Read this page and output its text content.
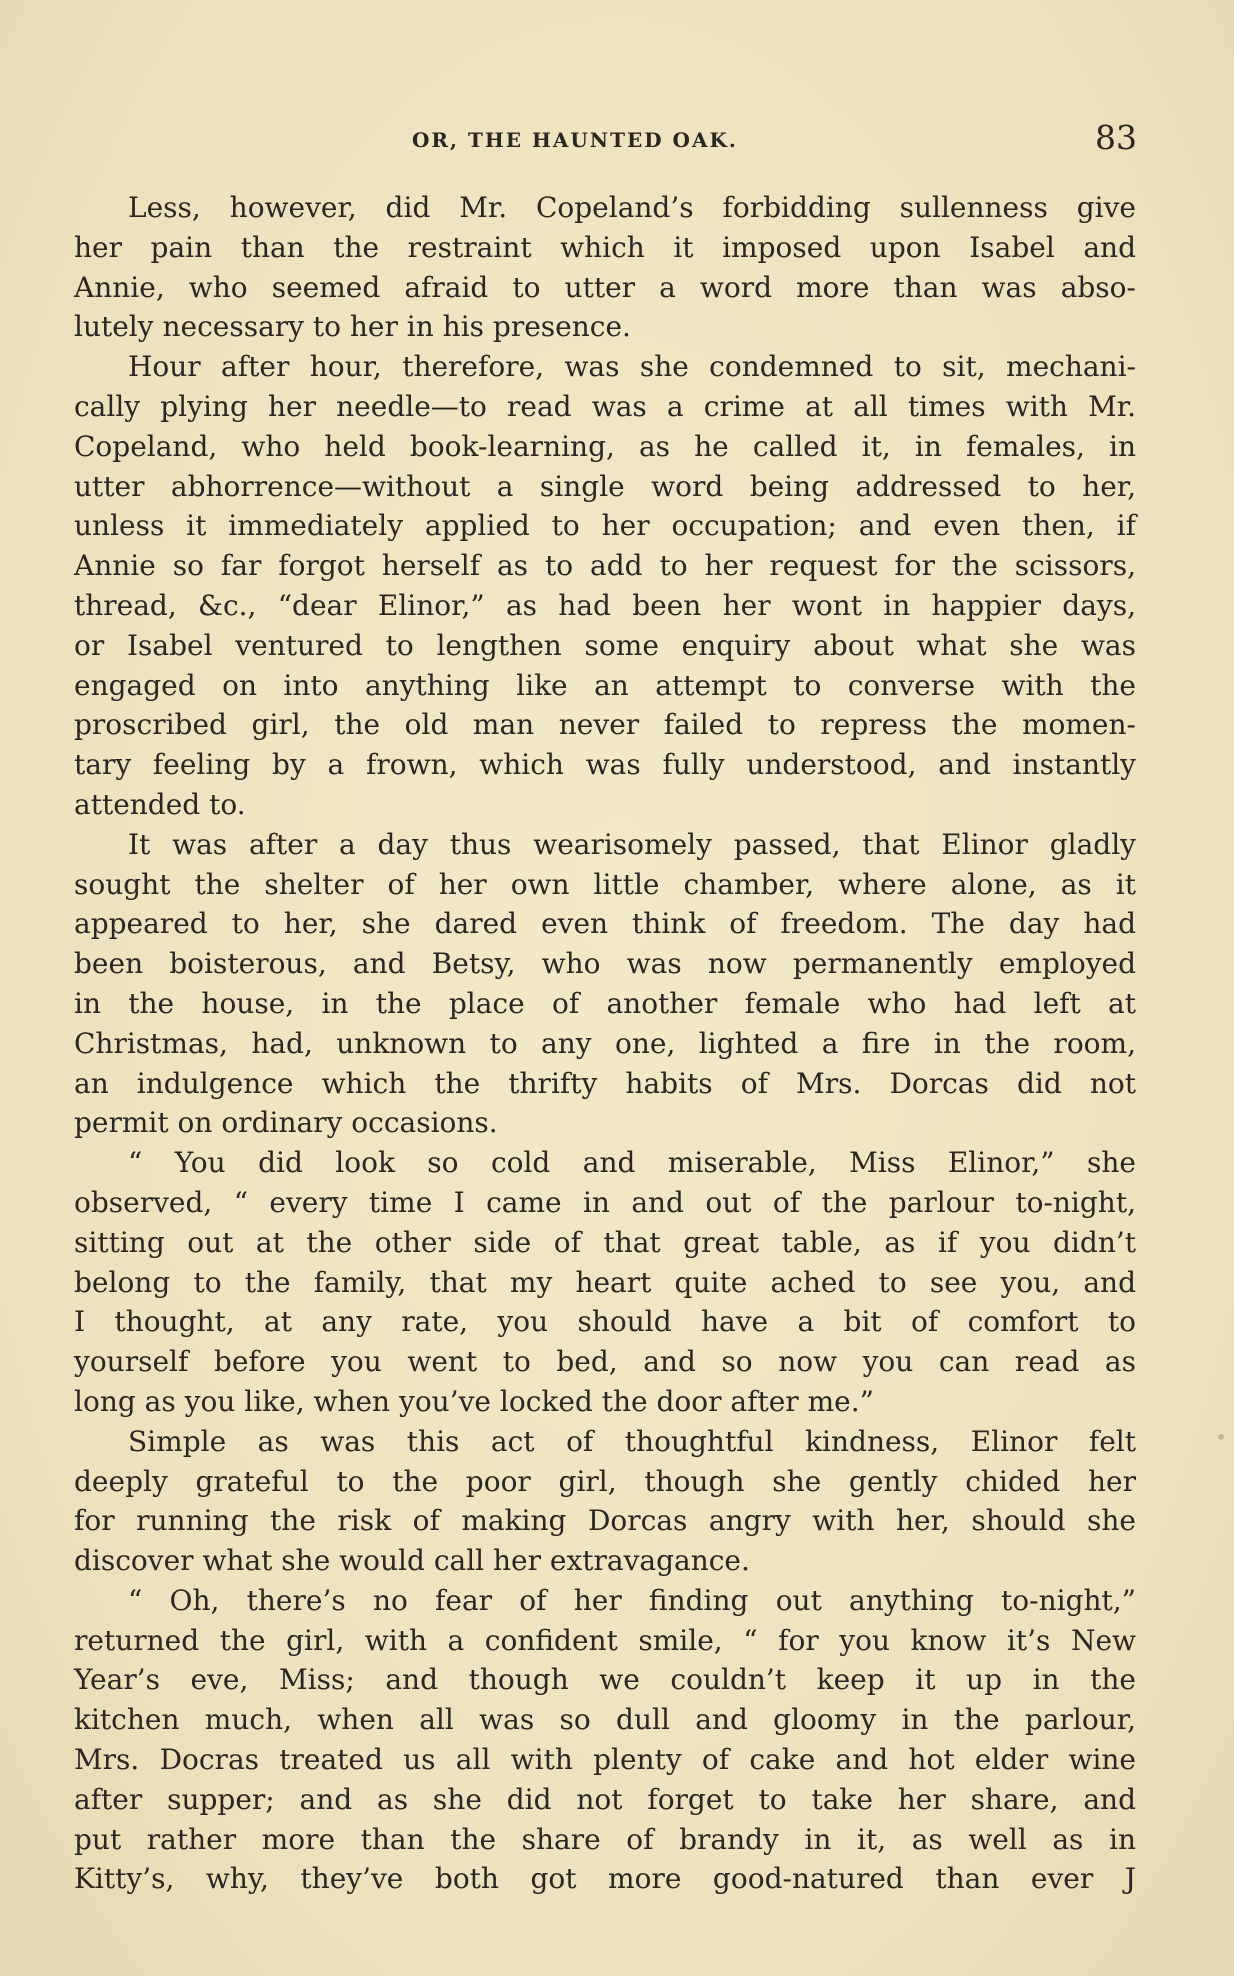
OR, THE HAUNTED OAK.	83
Less, however, did Mr. Copeland’s forbidding sullenness give
her pain than the restraint which it imposed upon Isabel and
Annie, who seemed afraid to utter a word more than was abso-
lutely necessary to her in his presence.
Hour after hour, therefore, was she condemned to sit, mechani-
cally plying her needle—to read was a crime at all times with Mr.
Copeland, who held book-learning, as he called it, in females, in
utter abhorrence—without a single word being addressed to her,
unless it immediately applied to her occupation; and even then, if
Annie so far forgot herself as to add to her request for the scissors,
thread, &c., “dear Elinor,” as had been her wont in happier days,
or Isabel ventured to lengthen some enquiry about what she was
engaged on into anything like an attempt to converse with the
proscribed girl, the old man never failed to repress the momen-
tary feeling by a frown, which was fully understood, and instantly
attended to.
It was after a day thus wearisomely passed, that Elinor gladly
sought the shelter of her own little chamber, where alone, as it
appeared to her, she dared even think of freedom. The day had
been boisterous, and Betsy, who was now permanently employed
in the house, in the place of another female who had left at
Christmas, had, unknown to any one, lighted a fire in the room,
an indulgence which the thrifty habits of Mrs. Dorcas did not
permit on ordinary occasions.
“ You did look so cold and miserable, Miss Elinor,” she
observed, “ every time I came in and out of the parlour to-night,
sitting out at the other side of that great table, as if you didn’t
belong to the family, that my heart quite ached to see you, and
I thought, at any rate, you should have a bit of comfort to
yourself before you went to bed, and so now you can read as
long as you like, when you’ve locked the door after me.”
Simple as was this act of thoughtful kindness, Elinor felt
deeply grateful to the poor girl, though she gently chided her
for running the risk of making Dorcas angry with her, should she
discover what she would call her extravagance.
“ Oh, there’s no fear of her finding out anything to-night,”
returned the girl, with a confident smile, “ for you know it’s New
Year’s eve, Miss; and though we couldn’t keep it up in the
kitchen much, when all was so dull and gloomy in the parlour,
Mrs. Docras treated us all with plenty of cake and hot elder wine
after supper; and as she did not forget to take her share, and
put rather more than the share of brandy in it, as well as in
Kitty’s, why, they’ve both got more good-natured than ever J
